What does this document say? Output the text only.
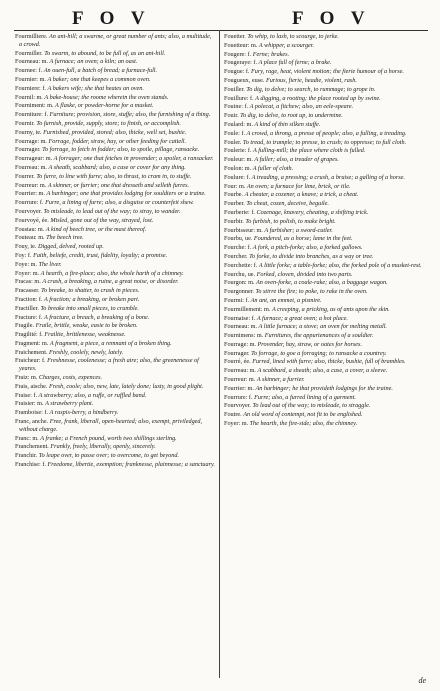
F O V	F O V
Fourmilliere. An ant-hill; a swarme, or great number of ants; also, a multitude, a crowd.
Fourmiller. To swarm, to abound, to be full of, as an ant-hill.
Fourneau: m. A furnace; an oven; a kiln; an oast.
Fournee: f. An ouen-full, a batch of bread; a furnace-full.
Fournier: m. A baker; one that keepes a common oven.
Fourniere: f. A bakers wife; she that heates an oven.
Fournil: m. A bake-house; the roome wherein the oven stands.
Fourniment: m. A flaske, or powder-horne for a musket.
Fourniture: f. Furniture; provision, store, stuffe; also, the furnishing of a thing.
Fournir. To furnish, provide, supply, store; to finish, or accomplish.
Fourny, ie. Furnished, provided, stored; also, thicke, well set, bushie.
Fourrage: m. Forrage, fodder, straw, hay, or other feeding for cattell.
Fourrager. To forrage, to fetch in fodder; also, to spoile, pillage, ransacke.
Fourrageur: m. A forrager; one that fetches in provender; a spoiler, a ransacker.
Fourreau: m. A sheath, scabbard; also, a case or cover for any thing.
Fourrer. To furre, to line with furre; also, to thrust, to cram in, to stuffe.
Fourreur: m. A skinner, or furrier; one that dresseth and selleth furres.
Fourrier: m. A harbinger; one that provides lodging for souldiers or a traine.
Fourrure: f. Furre, a lining of furre; also, a disguise or counterfeit shew.
Fourvoyer. To misleade, to lead out of the way; to stray, to wander.
Fourvoyé, ée. Misled, gone out of the way, strayed, lost.
Foustau: m. A kind of beech tree, or the mast thereof.
Fouteau: m. The beech tree.
Fouy, ie. Digged, delved, rooted up.
Foy: f. Faith, beliefe, credit, trust, fidelity, loyalty; a promise.
Foye: m. The liver.
Foyer: m. A hearth, a fire-place; also, the whole harth of a chimney.
Fracas: m. A crash, a breaking, a ruine, a great noise, or disorder.
Fracasser. To breake, to shatter, to crash in pieces.
Fraction: f. A fraction; a breaking, or broken part.
Fractiller. To breake into small pieces, to crumble.
Fracture: f. A fracture, a breach, a breaking of a bone.
Fragile. Fraile, brittle, weake, easie to be broken.
Fragilité: f. Frailtie, brittlenesse, weaknesse.
Fragment: m. A fragment, a piece, a remnant of a broken thing.
Fraichement. Freshly, coolely, newly, lately.
Fraicheur: f. Freshnesse, coolenesse; a fresh aire; also, the greenenesse of yeares.
Fraiz: m. Charges, costs, expences.
Frais, aische. Fresh, coole; also, new, late, lately done; lusty, in good plight.
Fraise: f. A strawberry; also, a ruffe, or ruffled band.
Fraisier: m. A strawberry plant.
Framboise: f. A raspis-berry, a hindberry.
Franc, anche. Free, frank, liberall, open-hearted; also, exempt, priviledged, without charge.
Franc: m. A franke; a French pound, worth two shillings sterling.
Franchement. Frankly, freely, liberally, openly, sincerely.
Franchir. To leape over, to passe over; to overcome, to get beyond.
Franchise: f. Freedome, libertie, exemption; franknesse, plainnesse; a sanctuary.
Fouetter. To whip, to lash, to scourge, to jerke.
Fouetteur: m. A whipper, a scourger.
Fougere: f. Ferne; brakes.
Fougeraye: f. A place full of ferne; a brake.
Fougue: f. Fury, rage, heat, violent motion; the fierie humour of a horse.
Fougueux, euse. Furious, fierie, headie, violent, rash.
Fouiller. To dig, to delve; to search, to rummage; to grope in.
Fouillure: f. A digging, a rooting; the place rooted up by swine.
Fouine: f. A polecat, a fitchew; also, an eele-speare.
Fouir. To dig, to delve, to root up, to undermine.
Foulard: m. A kind of thin silken stuffe.
Foule: f. A crowd, a throng, a presse of people; also, a fulling, a treading.
Fouler. To tread, to trample; to presse, to crush; to oppresse; to full cloth.
Foulerie: f. A fulling-mill; the place where cloth is fulled.
Fouleur: m. A fuller; also, a treader of grapes.
Foulon: m. A fuller of cloth.
Foulure: f. A treading, a pressing; a crush, a bruise; a galling of a horse.
Four: m. An oven; a furnace for lime, brick, or tile.
Fourbe. A cheater, a cozener, a knave; a trick, a cheat.
Fourber. To cheat, cozen, deceive, beguile.
Fourberie: f. Cozenage, knavery, cheating, a shifting trick.
Fourbir. To furbish, to polish, to make bright.
Fourbisseur: m. A furbisher; a sword-cutler.
Fourbu, ue. Foundered, as a horse; lame in the feet.
Fourche: f. A fork, a pitch-forke; also, a forked gallows.
Fourcher. To forke, to divide into branches, as a way or tree.
Fourchette: f. A little forke; a table-forke; also, the forked pole of a musket-rest.
Fourchu, ue. Forked, cloven, divided into two parts.
Fourgon: m. An oven-forke, a coale-rake; also, a baggage wagon.
Fourgonner. To stirre the fire; to poke, to rake in the oven.
Fourmi: f. An ant, an emmet, a pismire.
Fourmillement: m. A creeping, a pricking, as of ants upon the skin.
Fournaise: f. A furnace; a great oven; a hot place.
Fourneau: m. A little furnace; a stove; an oven for melting metall.
Fournimens: m. Furnitures, the appurtenances of a souldier.
Fourrage: m. Provender, hay, straw, or oates for horses.
Fourrager. To forrage, to goe a forraging; to ransacke a countrey.
Fourré, ée. Furred, lined with furre; also, thicke, bushie, full of brambles.
Fourreau: m. A scabbard, a sheath; also, a case, a cover, a sleeve.
Fourreur: m. A skinner, a furrier.
Fourrier: m. An harbinger; he that provideth lodgings for the traine.
Fourrure: f. Furre; also, a furred lining of a garment.
Fourvoyer. To lead out of the way; to misleade, to straggle.
Foutre. An old word of contempt, not fit to be englished.
Foyer: m. The hearth, the fire-side; also, the chimney.
de
